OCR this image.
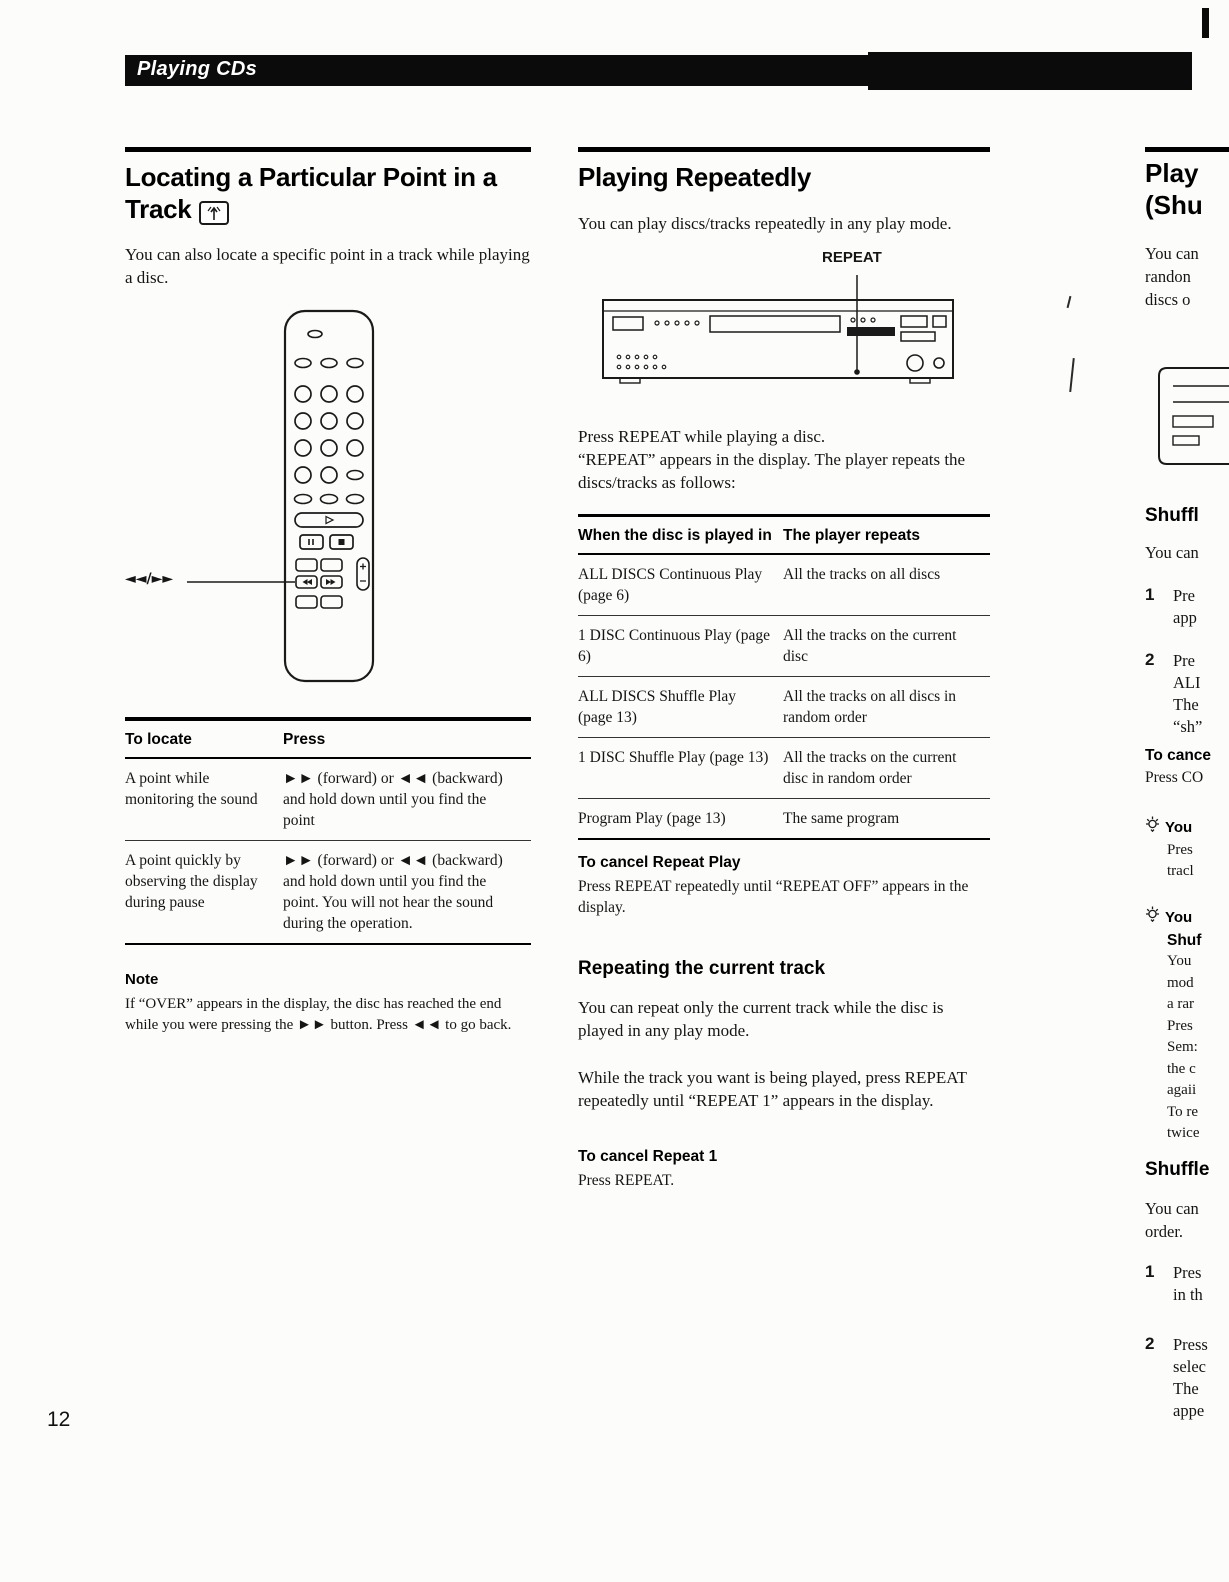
Playing CDs
Locating a Particular Point in a
Track

You can also locate a specific point in a track while playing a disc.

◄◄/►►
To locate	Press
A point while monitoring the sound
►► (forward) or ◄◄ (backward) and hold down until you find the point
A point quickly by observing the display during pause
►► (forward) or ◄◄ (backward) and hold down until you find the point. You will not hear the sound during the operation.
Note

If “OVER” appears in the display, the disc has reached the end while you were pressing the ►► button. Press ◄◄ to go back.

Playing Repeatedly

You can play discs/tracks repeatedly in any play mode.

REPEAT

Press REPEAT while playing a disc.
“REPEAT” appears in the display. The player repeats the discs/tracks as follows:

When the disc is played in The player repeats
ALL DISCS Continuous Play (page 6)
All the tracks on all discs
1 DISC Continuous Play (page 6)
All the tracks on the current disc
ALL DISCS Shuffle Play (page 13)
All the tracks on all discs in random order
1 DISC Shuffle Play (page 13) All the tracks on the current disc in random order
Program Play (page 13)	The same program
To cancel Repeat Play

Press REPEAT repeatedly until “REPEAT OFF” appears in the display.

Repeating the current track

You can repeat only the current track while the disc is played in any play mode.

While the track you want is being played, press REPEAT repeatedly until “REPEAT 1” appears in the display.

To cancel Repeat 1

Press REPEAT.

Play
(Shu
You can
randon
discs o
Shuffl
You can
1 Pre
app
2 Pre
ALI
The
“sh”
To cance
Press CO
You
Pres
tracl
You
Shuf
You
mod
a rar
Pres
Sem:
the c
agaii
To re
twice
Shuffle
You can
order.
1 Pres
in th
2 Press
selec
The
appe
12
